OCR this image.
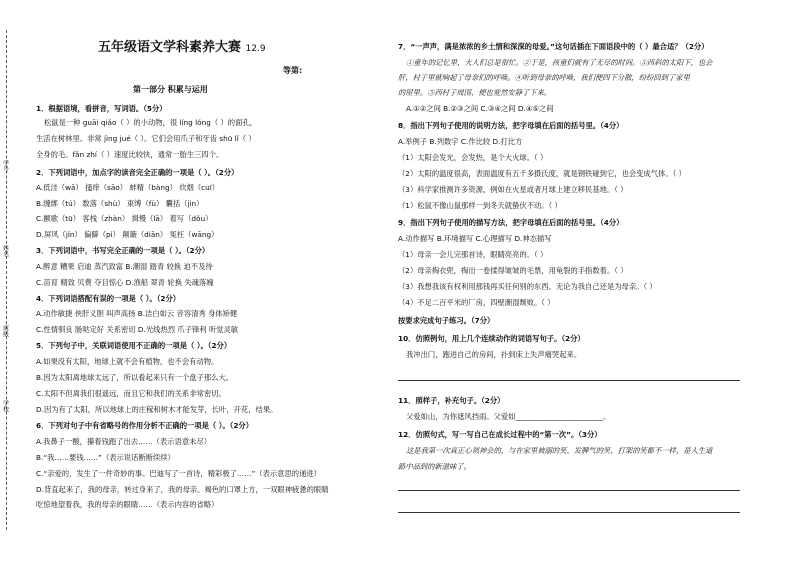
学号
姓名
班级
学校
五年级语文学科素养大赛 12.9
等第:
第一部分 积累与运用
1．根据语境，看拼音，写词语。（5分）
松鼠是一种 guāi qiǎo（ ）的小动物，很 líng lóng（ ）的面孔，
生活在树林里。非常 jìng jué（ ）。它们会用爪子和牙齿 shū lǐ（ ）
全身的毛。fǎn zhí（ ）速度比较快，通常一胎生三四个。
2．下列词语中，加点字的读音完全正确的一项是（ ）。（2分）
A.低洼（wā） 搔痒（sāo） 蚌精（bàng） 炊烟（cuī）
B.缠绑（tú） 数落（shù） 束缚（fù） 囊括（jìn）
C.颤歌（tū） 客栈（zhàn） 揖慢（lā） 着写（dǒu）
D.屏风（jǐn） 偏僻（pì） 颠簸（diān） 冤枉（wāng）
3．下列词语中，书写完全正确的一项是（ ）。（2分）
A.醉意 糟果 启迪 蒸汽致富 B.潮湿 踏青 较换 迫不及待
C.苗育 精致 贝费 夺目惊心 D.渔船 翠青 轮换 失魂落魄
4．下列词语搭配有误的一项是（ ）。（2分）
A.动作敏捷 侠肝义胆 叫声高扬 B.洁白如云 音容清秀 身体矫健
C.性情驯良 肠哒定好 关系密切 D.光线热烈 爪子锋利 听觉灵敏
5．下列句子中，关联词语使用不正确的一项是（ ）。（2分）
A.如果没有太阳，地球上就不会有植物，也不会有动物。
B.因为太阳离地球太远了，所以看起来只有一个盘子那么大。
C.太阳不但离我们很遥远，而且它和我们的关系非常密切。
D.因为有了太阳，所以地球上的庄稼和树木才能发芽，长叶，开花，结果。
6．下列对句子中有省略号的作用分析不正确的一项是（ ）。（2分）
A.我鼻子一酸，攥着钱跑了出去……（表示语意未尽）
B.“我……要钱……”（表示说话断断续续）
C.“亲爱的，发生了一件奇妙的事。巴迪写了一首诗，精彩极了……”（表示意思的递进）
D.背直起来了，我的母亲，转过身来了，我的母亲。褐色的口罩上方，一双眼神疲惫的眼睛
吃惊地望着我，我的母亲的眼睛……（表示内容的省略）
7．“一声声，满是浓浓的乡土情和深深的母爱。”这句话插在下面语段中的（ ）最合适？（2分）
①童年的记忆里，大人们总是很忙。②于是，孩童们就有了无尽的时间。③西斜的太阳下，也会
肝，村子里就响起了母亲们的呼唤。④听到母亲的呼唤，我们便四下分散，纷纷回到了家里
的屋里。⑤西村子周围，便也宽然安静了下来。
A.①②之间 B.②③之间 C.③④之间 D.④⑤之间
8．指出下列句子使用的说明方法，把字母填在后面的括号里。（4分）
A.举例子 B.列数字 C.作比较 D.打比方
（1）太阳会发光，会发热，是个大火球。（ ）
（2）太阳的温度很高，表面温度有五千多摄氏度，就是钢铁碰到它，也会变成气体。（ ）
（3）科学家推测许多资源，例如在火星或者月球上建立移民基地。（ ）
（1）松鼠不像山鼠那样一到冬天就蛰伏不动。（ ）
9．指出下列句子使用的描写方法，把字母填在后面的括号里。（4分）
A.动作描写 B.环境描写 C.心理描写 D.神态描写
（1）母亲一会儿完那首诗，眼睛亮亮的。（ ）
（2）母亲掏衣兜，掏出一卷揉得皱皱的毛票，用龟裂的手指数着。（ ）
（3）我想我该有权利用那钱再买任何别的东西。无论为我自己还是为母亲。（ ）
（4）不足二百平米的厂房，四壁潮湿颓败。（ ）
按要求完成句子练习。（7分）
10．仿照例句，用上几个连续动作的词语写句子。（2分）
我冲出门，跑进自己的房间，扑到床上失声痛哭起来。
11．照样子，补充句子。（2分）
父爱如山，为你遮风挡雨。父爱如________________________。
12．仿照句式，写一写自己在成长过程中的“第一次”。（3分）
这是我第一次真正心领神会的，与在家里被溺的笑、发脾气的笑、打架的笑都不一样，是人生道
路中品到的新滋味了。
